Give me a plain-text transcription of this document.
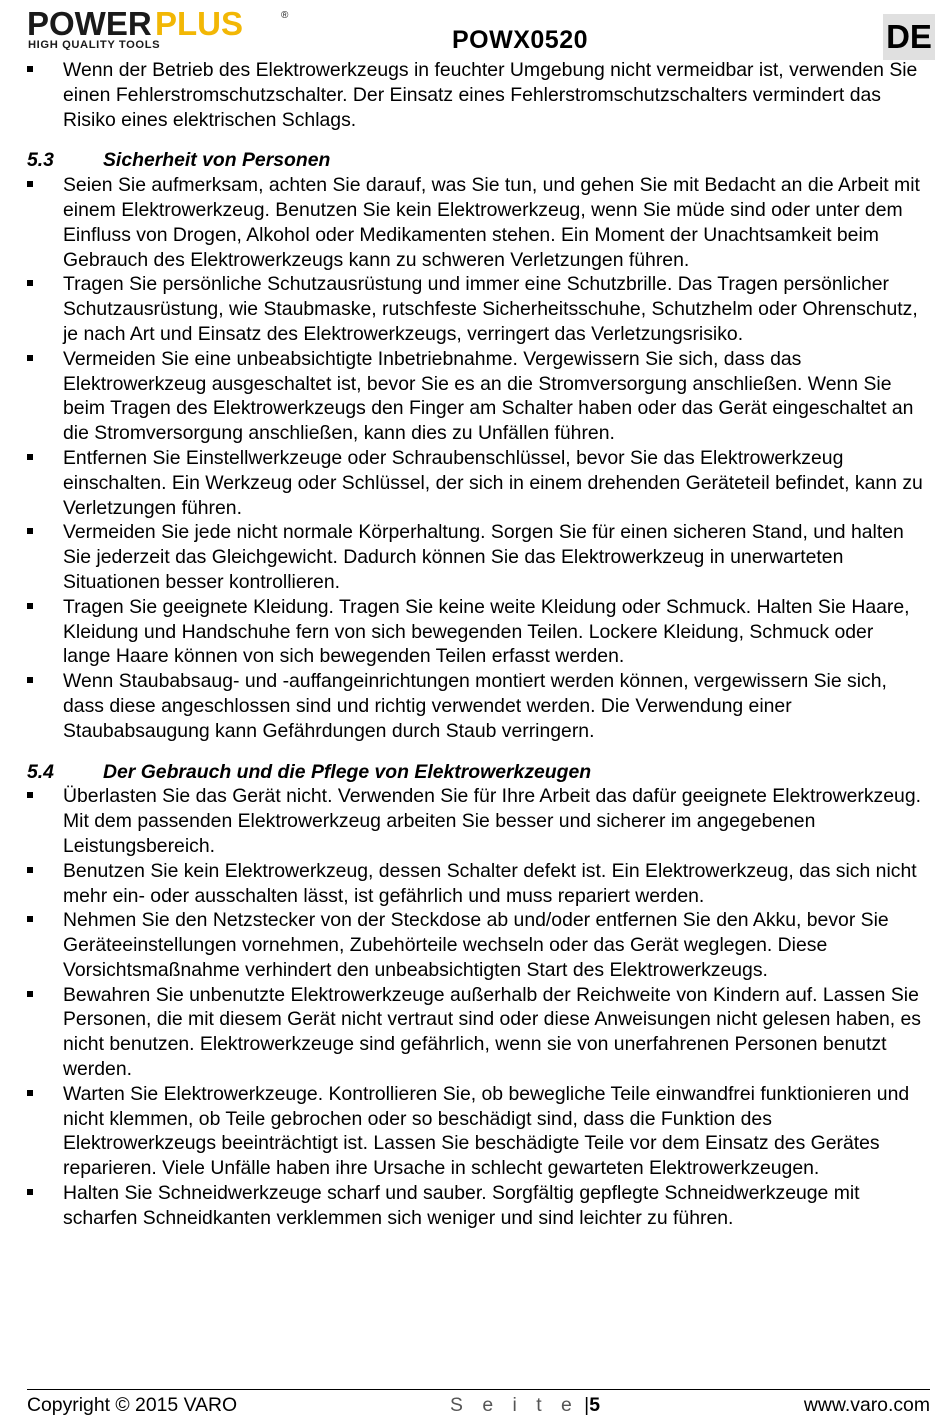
POWER PLUS	®
HIGH QUALITY TOOLS	POWX0520	DE
Wenn der Betrieb des Elektrowerkzeugs in feuchter Umgebung nicht vermeidbar ist, verwenden Sie einen Fehlerstromschutzschalter. Der Einsatz eines Fehlerstromschutzschalters vermindert das Risiko eines elektrischen Schlags.
5.3	Sicherheit von Personen
Seien Sie aufmerksam, achten Sie darauf, was Sie tun, und gehen Sie mit Bedacht an die Arbeit mit einem Elektrowerkzeug. Benutzen Sie kein Elektrowerkzeug, wenn Sie müde sind oder unter dem Einfluss von Drogen, Alkohol oder Medikamenten stehen. Ein Moment der Unachtsamkeit beim Gebrauch des Elektrowerkzeugs kann zu schweren Verletzungen führen.
Tragen Sie persönliche Schutzausrüstung und immer eine Schutzbrille. Das Tragen persönlicher Schutzausrüstung, wie Staubmaske, rutschfeste Sicherheitsschuhe, Schutzhelm oder Ohrenschutz, je nach Art und Einsatz des Elektrowerkzeugs, verringert das Verletzungsrisiko.
Vermeiden Sie eine unbeabsichtigte Inbetriebnahme. Vergewissern Sie sich, dass das Elektrowerkzeug ausgeschaltet ist, bevor Sie es an die Stromversorgung anschließen. Wenn Sie beim Tragen des Elektrowerkzeugs den Finger am Schalter haben oder das Gerät eingeschaltet an die Stromversorgung anschließen, kann dies zu Unfällen führen.
Entfernen Sie Einstellwerkzeuge oder Schraubenschlüssel, bevor Sie das Elektrowerkzeug einschalten. Ein Werkzeug oder Schlüssel, der sich in einem drehenden Geräteteil befindet, kann zu Verletzungen führen.
Vermeiden Sie jede nicht normale Körperhaltung. Sorgen Sie für einen sicheren Stand, und halten Sie jederzeit das Gleichgewicht. Dadurch können Sie das Elektrowerkzeug in unerwarteten Situationen besser kontrollieren.
Tragen Sie geeignete Kleidung. Tragen Sie keine weite Kleidung oder Schmuck. Halten Sie Haare, Kleidung und Handschuhe fern von sich bewegenden Teilen. Lockere Kleidung, Schmuck oder lange Haare können von sich bewegenden Teilen erfasst werden.
Wenn Staubabsaug- und -auffangeinrichtungen montiert werden können, vergewissern Sie sich, dass diese angeschlossen sind und richtig verwendet werden. Die Verwendung einer Staubabsaugung kann Gefährdungen durch Staub verringern.
5.4	Der Gebrauch und die Pflege von Elektrowerkzeugen
Überlasten Sie das Gerät nicht. Verwenden Sie für Ihre Arbeit das dafür geeignete Elektrowerkzeug. Mit dem passenden Elektrowerkzeug arbeiten Sie besser und sicherer im angegebenen Leistungsbereich.
Benutzen Sie kein Elektrowerkzeug, dessen Schalter defekt ist. Ein Elektrowerkzeug, das sich nicht mehr ein- oder ausschalten lässt, ist gefährlich und muss repariert werden.
Nehmen Sie den Netzstecker von der Steckdose ab und/oder entfernen Sie den Akku, bevor Sie Geräteeinstellungen vornehmen, Zubehörteile wechseln oder das Gerät weglegen. Diese Vorsichtsmaßnahme verhindert den unbeabsichtigten Start des Elektrowerkzeugs.
Bewahren Sie unbenutzte Elektrowerkzeuge außerhalb der Reichweite von Kindern auf. Lassen Sie Personen, die mit diesem Gerät nicht vertraut sind oder diese Anweisungen nicht gelesen haben, es nicht benutzen. Elektrowerkzeuge sind gefährlich, wenn sie von unerfahrenen Personen benutzt werden.
Warten Sie Elektrowerkzeuge. Kontrollieren Sie, ob bewegliche Teile einwandfrei funktionieren und nicht klemmen, ob Teile gebrochen oder so beschädigt sind, dass die Funktion des Elektrowerkzeugs beeinträchtigt ist. Lassen Sie beschädigte Teile vor dem Einsatz des Gerätes reparieren. Viele Unfälle haben ihre Ursache in schlecht gewarteten Elektrowerkzeugen.
Halten Sie Schneidwerkzeuge scharf und sauber. Sorgfältig gepflegte Schneidwerkzeuge mit scharfen Schneidkanten verklemmen sich weniger und sind leichter zu führen.
Copyright © 2015 VARO	S e i t e |5	www.varo.com
